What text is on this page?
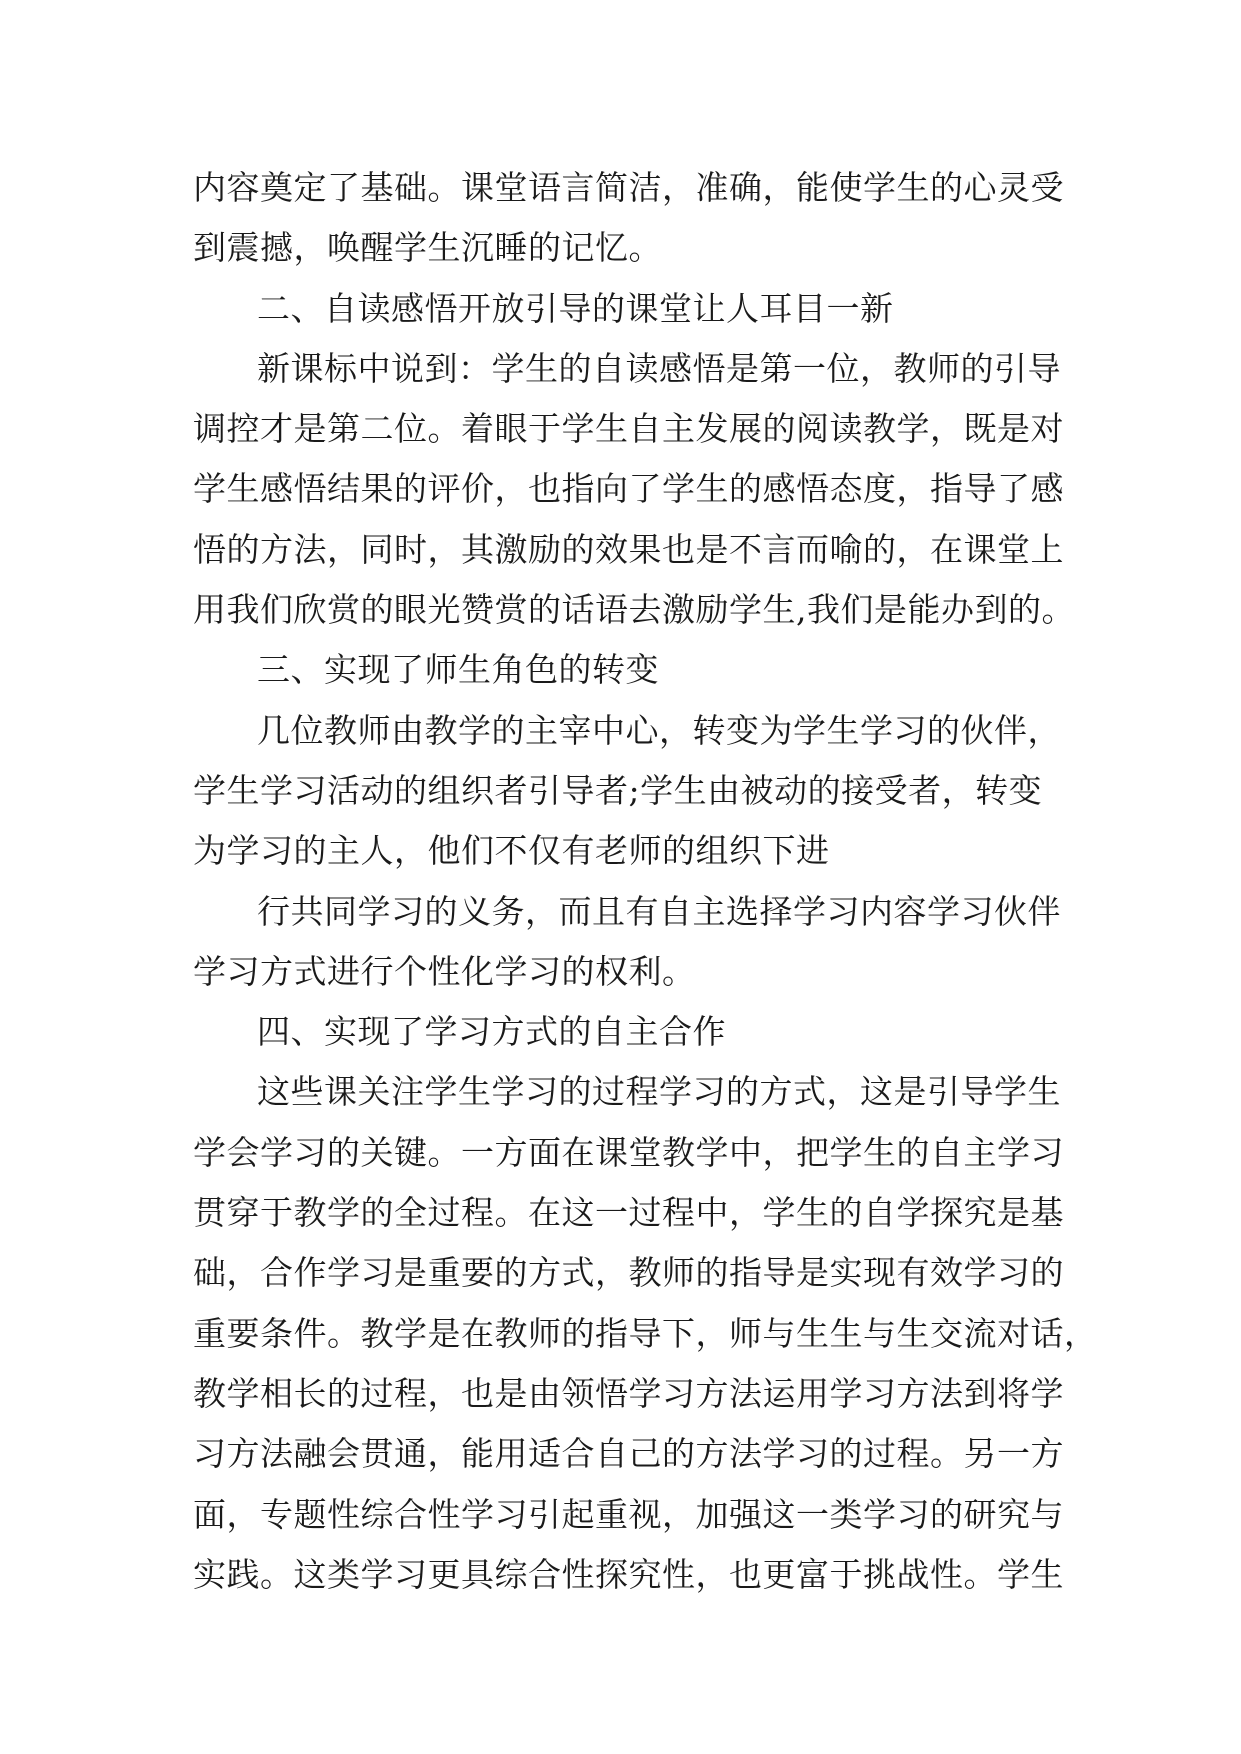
内容奠定了基础。课堂语言简洁，准确，能使学生的心灵受
到震撼，唤醒学生沉睡的记忆。
二、自读感悟开放引导的课堂让人耳目一新
新课标中说到：学生的自读感悟是第一位，教师的引导
调控才是第二位。着眼于学生自主发展的阅读教学，既是对
学生感悟结果的评价，也指向了学生的感悟态度，指导了感
悟的方法，同时，其激励的效果也是不言而喻的，在课堂上
用我们欣赏的眼光赞赏的话语去激励学生,我们是能办到的。
三、实现了师生角色的转变
几位教师由教学的主宰中心，转变为学生学习的伙伴，
学生学习活动的组织者引导者;学生由被动的接受者，转变
为学习的主人，他们不仅有老师的组织下进
行共同学习的义务，而且有自主选择学习内容学习伙伴
学习方式进行个性化学习的权利。
四、实现了学习方式的自主合作
这些课关注学生学习的过程学习的方式，这是引导学生
学会学习的关键。一方面在课堂教学中，把学生的自主学习
贯穿于教学的全过程。在这一过程中，学生的自学探究是基
础，合作学习是重要的方式，教师的指导是实现有效学习的
重要条件。教学是在教师的指导下，师与生生与生交流对话，
教学相长的过程，也是由领悟学习方法运用学习方法到将学
习方法融会贯通，能用适合自己的方法学习的过程。另一方
面，专题性综合性学习引起重视，加强这一类学习的研究与
实践。这类学习更具综合性探究性，也更富于挑战性。学生
